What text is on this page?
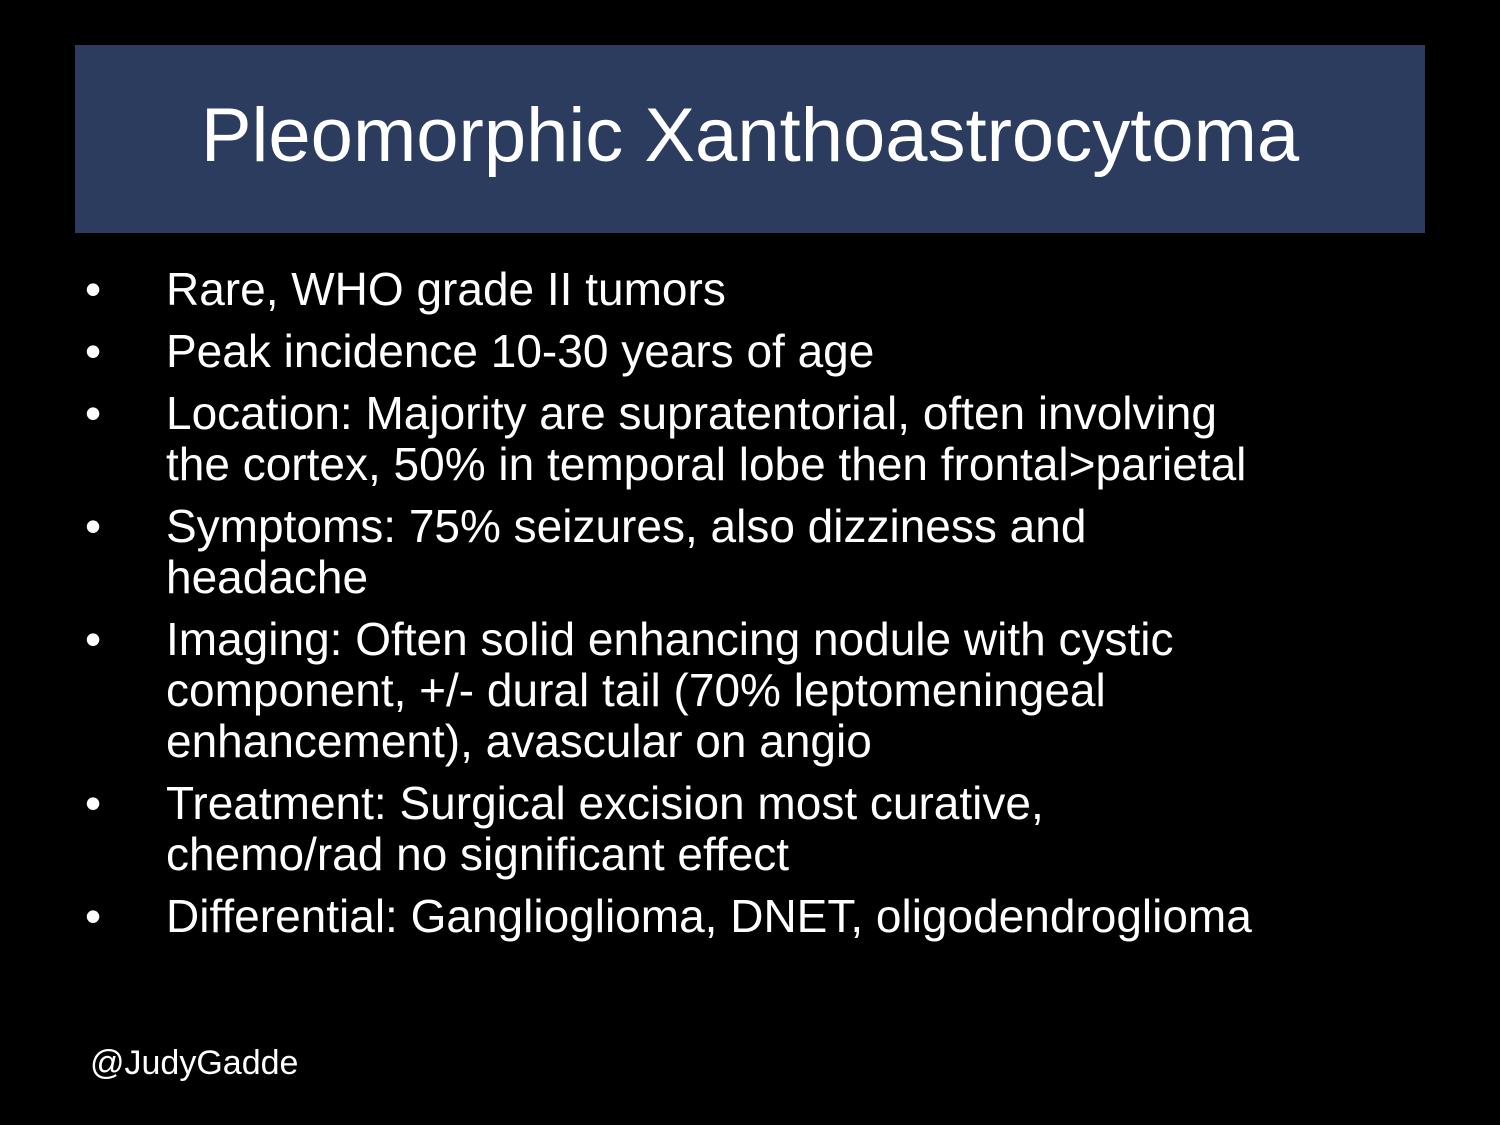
Pleomorphic Xanthoastrocytoma
•	Rare, WHO grade II tumors
•	Peak incidence 10-30 years of age
•	Location: Majority are supratentorial, often involving
the cortex, 50% in temporal lobe then frontal>parietal
•	Symptoms: 75% seizures, also dizziness and
headache
•	Imaging: Often solid enhancing nodule with cystic
component, +/- dural tail (70% leptomeningeal
enhancement), avascular on angio
•	Treatment: Surgical excision most curative,
chemo/rad no significant effect
•	Differential: Ganglioglioma, DNET, oligodendroglioma
@JudyGadde
